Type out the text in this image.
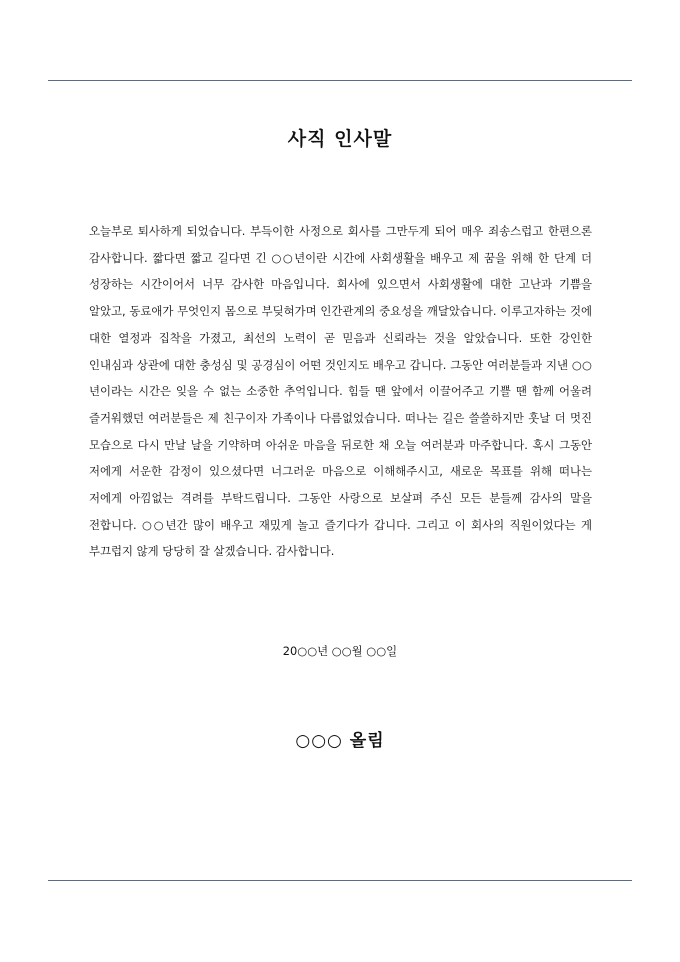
사직 인사말

오늘부로 퇴사하게 되었습니다. 부득이한 사정으로 회사를 그만두게 되어 매우 죄송스럽고 한편으론 감사합니다. 짧다면 짧고 길다면 긴 ○○년이란 시간에 사회생활을 배우고 제 꿈을 위해 한 단계 더 성장하는 시간이어서 너무 감사한 마음입니다. 회사에 있으면서 사회생활에 대한 고난과 기쁨을 알았고, 동료애가 무엇인지 몸으로 부딪혀가며 인간관계의 중요성을 깨달았습니다. 이루고자하는 것에 대한 열정과 집착을 가졌고, 최선의 노력이 곧 믿음과 신뢰라는 것을 알았습니다. 또한 강인한 인내심과 상관에 대한 충성심 및 공경심이 어떤 것인지도 배우고 갑니다. 그동안 여러분들과 지낸 ○○년이라는 시간은 잊을 수 없는 소중한 추억입니다. 힘들 땐 앞에서 이끌어주고 기쁠 땐 함께 어울려 즐거워했던 여러분들은 제 친구이자 가족이나 다름없었습니다. 떠나는 길은 쓸쓸하지만 훗날 더 멋진 모습으로 다시 만날 날을 기약하며 아쉬운 마음을 뒤로한 채 오늘 여러분과 마주합니다. 혹시 그동안 저에게 서운한 감정이 있으셨다면 너그러운 마음으로 이해해주시고, 새로운 목표를 위해 떠나는 저에게 아낌없는 격려를 부탁드립니다. 그동안 사랑으로 보살펴 주신 모든 분들께 감사의 말을 전합니다. ○○년간 많이 배우고 재밌게 놀고 즐기다가 갑니다. 그리고 이 회사의 직원이었다는 게 부끄럽지 않게 당당히 잘 살겠습니다. 감사합니다.

20○○년 ○○월 ○○일

○○○ 올림
